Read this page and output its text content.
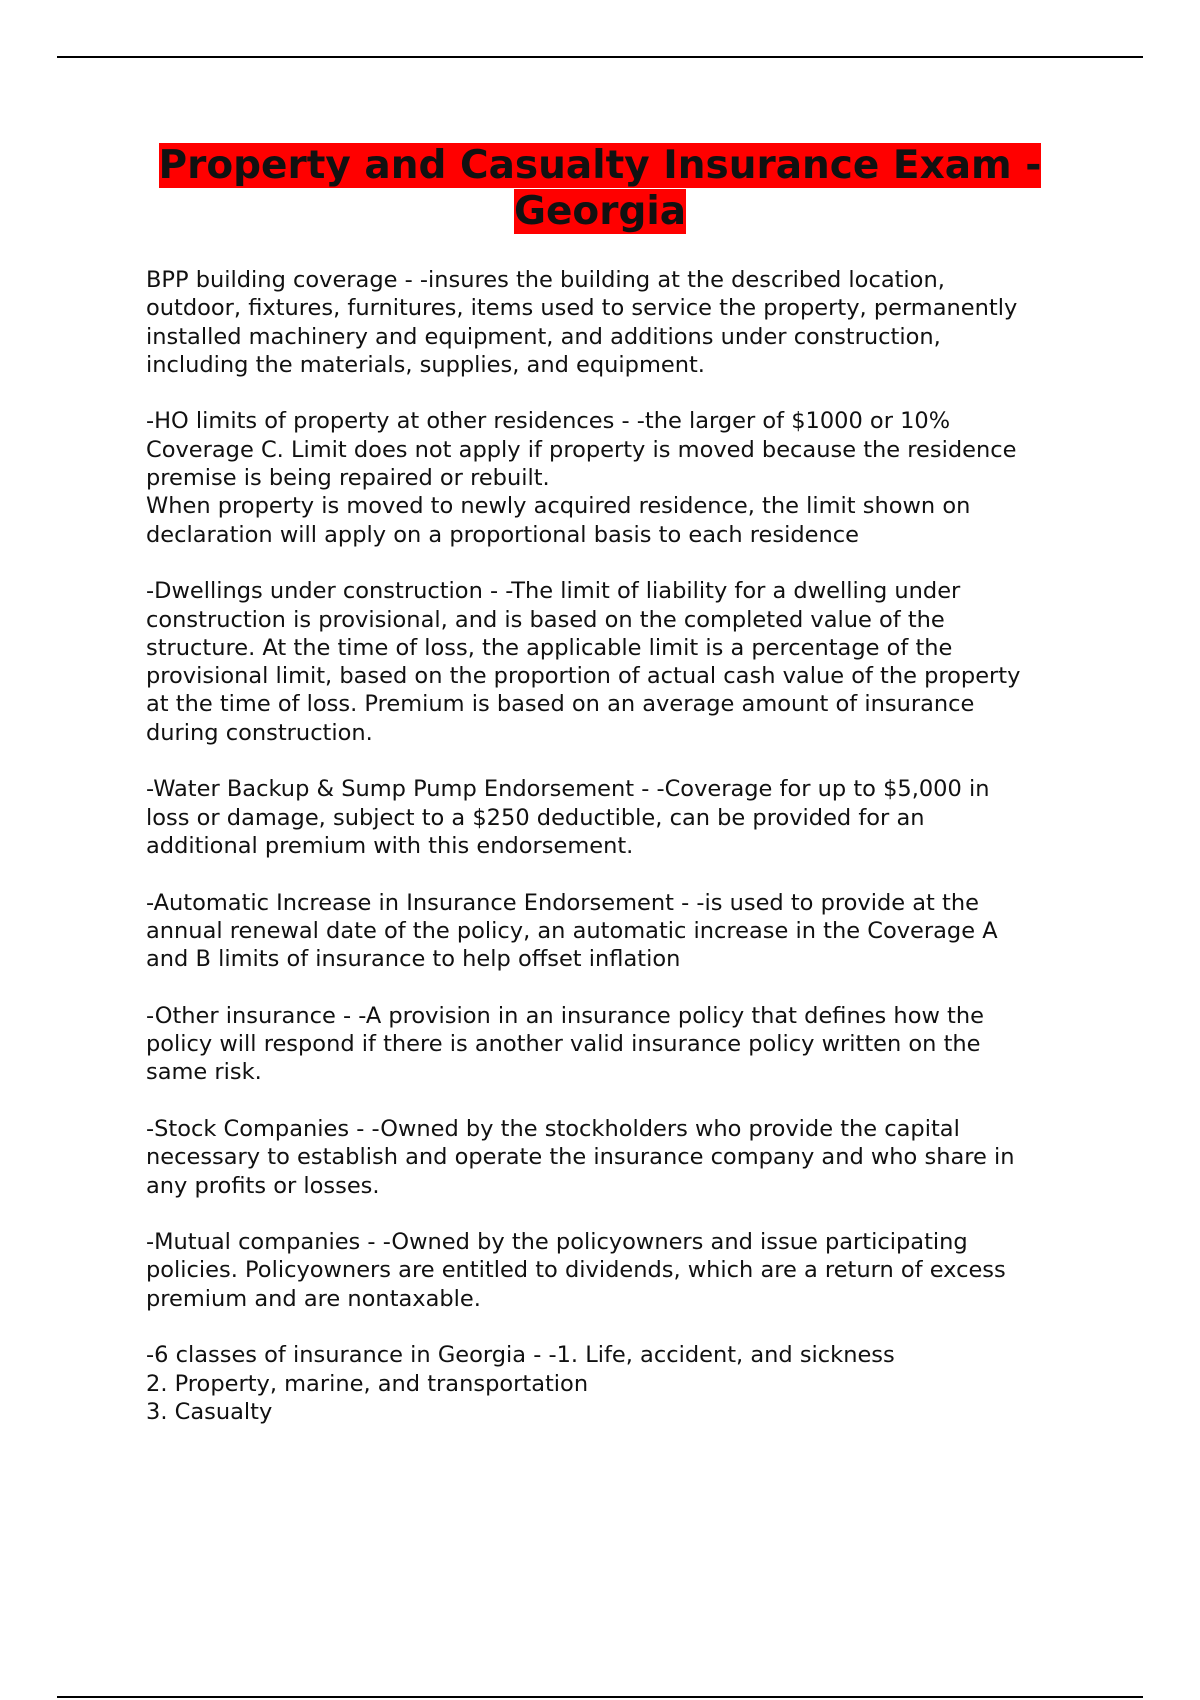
Property and Casualty Insurance Exam -
Georgia

BPP building coverage - -insures the building at the described location,
outdoor, fixtures, furnitures, items used to service the property, permanently
installed machinery and equipment, and additions under construction,
including the materials, supplies, and equipment.

-HO limits of property at other residences - -the larger of $1000 or 10%
Coverage C. Limit does not apply if property is moved because the residence
premise is being repaired or rebuilt.
When property is moved to newly acquired residence, the limit shown on
declaration will apply on a proportional basis to each residence

-Dwellings under construction - -The limit of liability for a dwelling under
construction is provisional, and is based on the completed value of the
structure. At the time of loss, the applicable limit is a percentage of the
provisional limit, based on the proportion of actual cash value of the property
at the time of loss. Premium is based on an average amount of insurance
during construction.

-Water Backup & Sump Pump Endorsement - -Coverage for up to $5,000 in
loss or damage, subject to a $250 deductible, can be provided for an
additional premium with this endorsement.

-Automatic Increase in Insurance Endorsement - -is used to provide at the
annual renewal date of the policy, an automatic increase in the Coverage A
and B limits of insurance to help offset inflation

-Other insurance - -A provision in an insurance policy that defines how the
policy will respond if there is another valid insurance policy written on the
same risk.

-Stock Companies - -Owned by the stockholders who provide the capital
necessary to establish and operate the insurance company and who share in
any profits or losses.

-Mutual companies - -Owned by the policyowners and issue participating
policies. Policyowners are entitled to dividends, which are a return of excess
premium and are nontaxable.

-6 classes of insurance in Georgia - -1. Life, accident, and sickness
2. Property, marine, and transportation
3. Casualty
